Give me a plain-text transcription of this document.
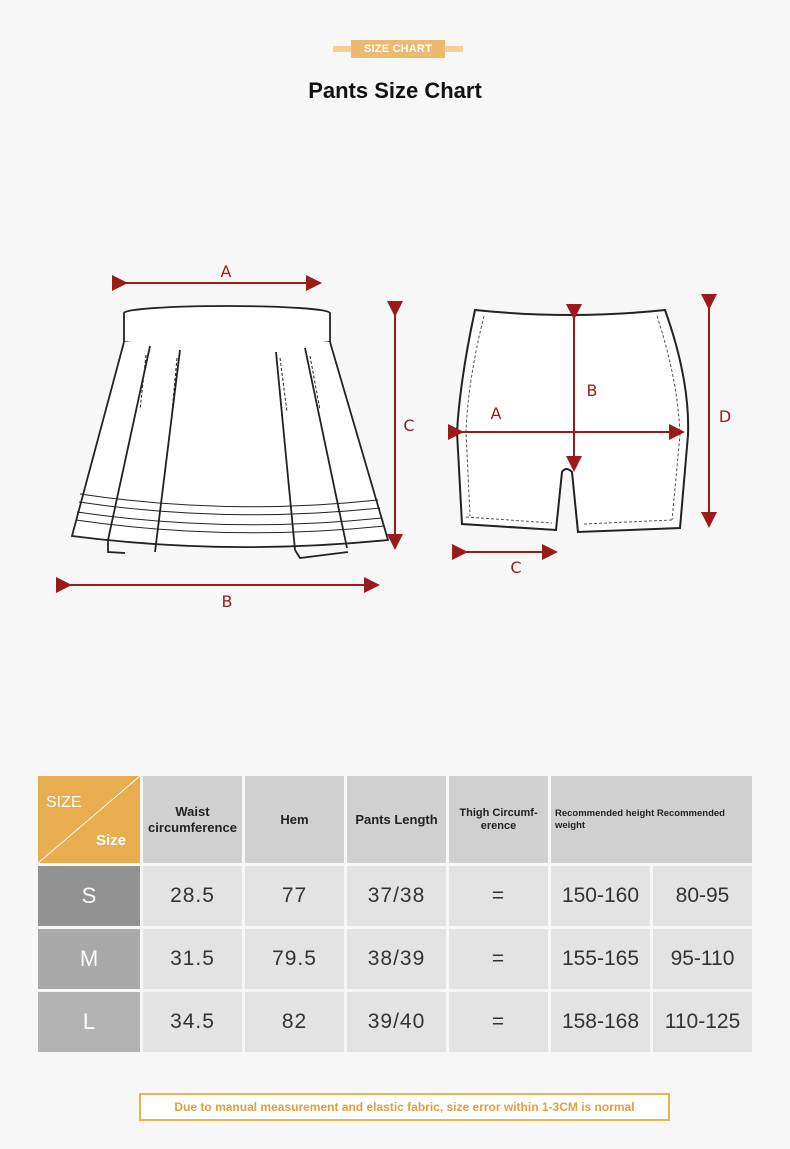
SIZE CHART
Pants Size Chart
A
B
C
A
B
C
D
SIZE
Size	Waist circumference	Hem	Pants Length	Thigh Circumf-erence	Recommended height Recommended weight	
S	28.5	77	37/38	=	150-160	80-95
M	31.5	79.5	38/39	=	155-165	95-110
L	34.5	82	39/40	=	158-168	110-125
Due to manual measurement and elastic fabric, size error within 1-3CM is normal
